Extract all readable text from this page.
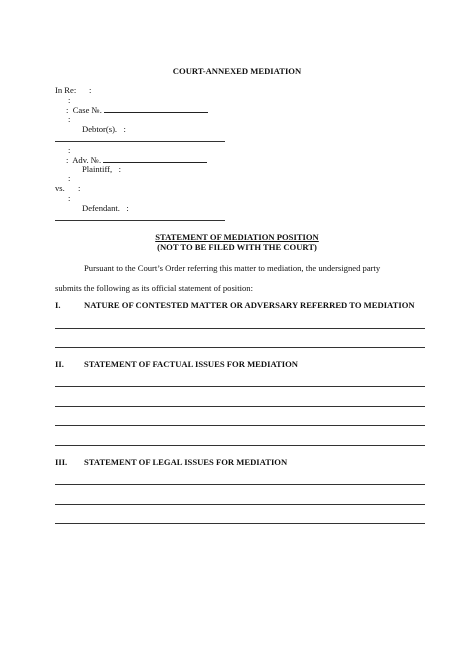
COURT-ANNEXED MEDIATION
In Re: :
:
: Case №.
:
Debtor(s). :
:
: Adv. №.
Plaintiff, :
:
vs. :
:
Defendant. :
STATEMENT OF MEDIATION POSITION
(NOT TO BE FILED WITH THE COURT)
Pursuant to the Court’s Order referring this matter to mediation, the undersigned party
submits the following as its official statement of position:
I.	NATURE OF CONTESTED MATTER OR ADVERSARY REFERRED TO MEDIATION
II. STATEMENT OF FACTUAL ISSUES FOR MEDIATION
III. STATEMENT OF LEGAL ISSUES FOR MEDIATION
